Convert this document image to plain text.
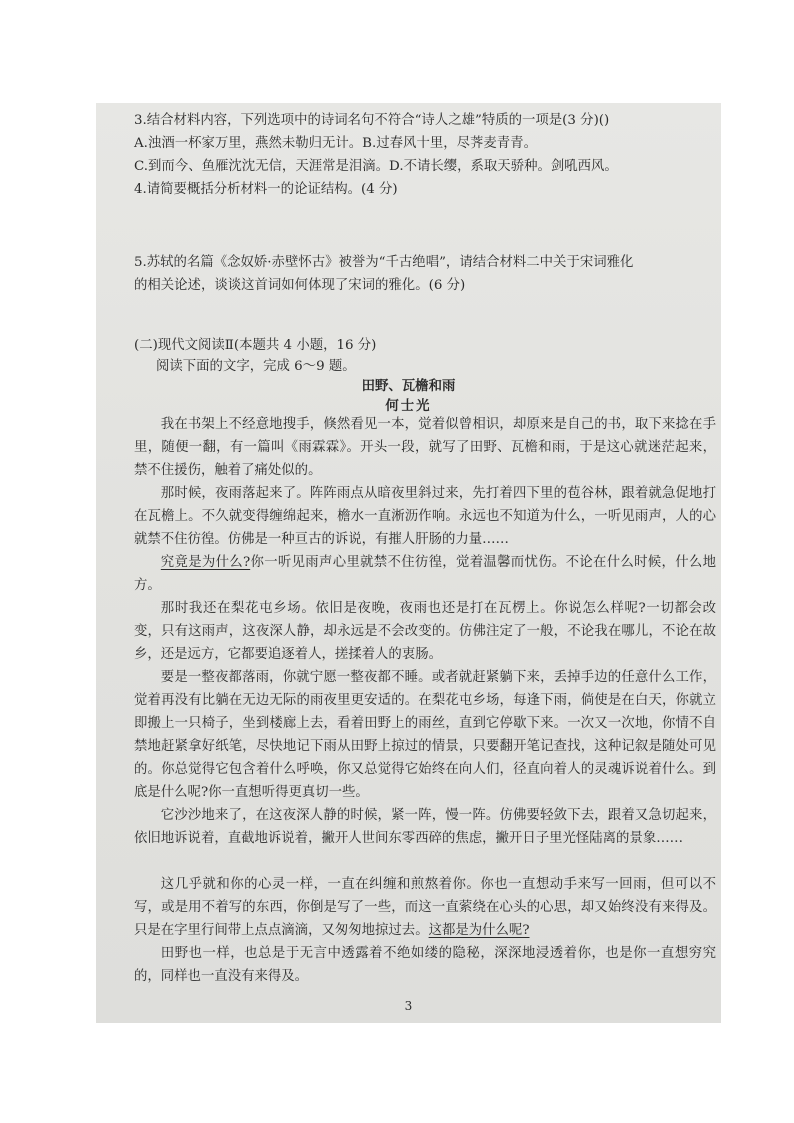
3.结合材料内容，下列选项中的诗词名句不符合“诗人之雄”特质的一项是(3 分)()

A.浊酒一杯家万里，燕然未勒归无计。B.过春风十里，尽荠麦青青。

C.到而今、鱼雁沈沈无信，天涯常是泪滴。D.不请长缨，系取天骄种。剑吼西风。

4.请简要概括分析材料一的论证结构。(4 分)

5.苏轼的名篇《念奴娇·赤壁怀古》被誉为“千古绝唱”，请结合材料二中关于宋词雅化

的相关论述，谈谈这首词如何体现了宋词的雅化。(6 分)

(二)现代文阅读Ⅱ(本题共 4 小题，16 分)

阅读下面的文字，完成 6～9 题。

田野、瓦檐和雨
何士光

我在书架上不经意地搜手，倏然看见一本，觉着似曾相识，却原来是自己的书，取下来捻在手里，随便一翻，有一篇叫《雨霖霖》。开头一段，就写了田野、瓦檐和雨，于是这心就迷茫起来，禁不住援伤，触着了痛处似的。

那时候，夜雨落起来了。阵阵雨点从暗夜里斜过来，先打着四下里的苞谷林，跟着就急促地打在瓦檐上。不久就变得缠绵起来，檐水一直淅沥作响。永远也不知道为什么，一听见雨声，人的心就禁不住彷徨。仿佛是一种亘古的诉说，有摧人肝肠的力量……

究竟是为什么?你一听见雨声心里就禁不住彷徨，觉着温馨而忧伤。不论在什么时候，什么地方。

那时我还在梨花屯乡场。依旧是夜晚，夜雨也还是打在瓦楞上。你说怎么样呢?一切都会改变，只有这雨声，这夜深人静，却永远是不会改变的。仿佛注定了一般，不论我在哪儿，不论在故乡，还是远方，它都要追逐着人，搓揉着人的衷肠。

要是一整夜都落雨，你就宁愿一整夜都不睡。或者就赶紧躺下来，丢掉手边的任意什么工作，觉着再没有比躺在无边无际的雨夜里更安适的。在梨花屯乡场，每逢下雨，倘使是在白天，你就立即搬上一只椅子，坐到楼廊上去，看着田野上的雨丝，直到它停歇下来。一次又一次地，你情不自禁地赶紧拿好纸笔，尽快地记下雨从田野上掠过的情景，只要翻开笔记查找，这种记叙是随处可见的。你总觉得它包含着什么呼唤，你又总觉得它始终在向人们，径直向着人的灵魂诉说着什么。到底是什么呢?你一直想听得更真切一些。

它沙沙地来了，在这夜深人静的时候，紧一阵，慢一阵。仿佛要轻敛下去，跟着又急切起来，依旧地诉说着，直截地诉说着，撇开人世间东零西碎的焦虑，撇开日子里光怪陆离的景象……

这几乎就和你的心灵一样，一直在纠缠和煎熬着你。你也一直想动手来写一回雨，但可以不写，或是用不着写的东西，你倒是写了一些，而这一直萦绕在心头的心思，却又始终没有来得及。只是在字里行间带上点点滴滴，又匆匆地掠过去。这都是为什么呢?

田野也一样，也总是于无言中透露着不绝如缕的隐秘，深深地浸透着你，也是你一直想穷究的，同样也一直没有来得及。

3
